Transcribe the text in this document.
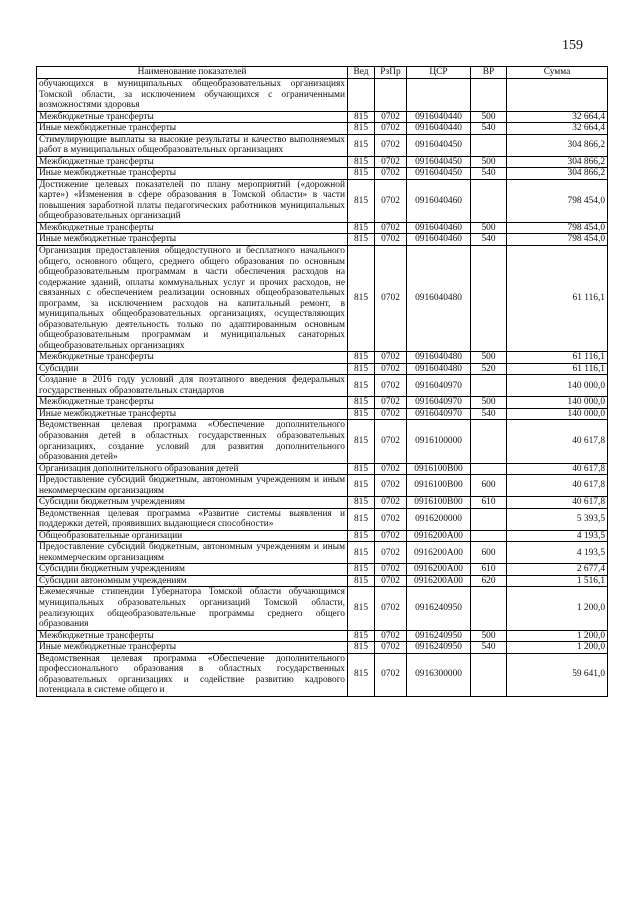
159
Наименование показателей	Вед	РзПр	ЦСР	ВР	Сумма
обучающихся в муниципальных общеобразовательных организациях Томской области, за исключением обучающихся с ограниченными возможностями здоровья					
Межбюджетные трансферты	815	0702	0916040440	500	32 664,4
Иные межбюджетные трансферты	815	0702	0916040440	540	32 664,4
Стимулирующие выплаты за высокие результаты и качество выполняемых работ в муниципальных общеобразовательных организациях	815	0702	0916040450		304 866,2
Межбюджетные трансферты	815	0702	0916040450	500	304 866,2
Иные межбюджетные трансферты	815	0702	0916040450	540	304 866,2
Достижение целевых показателей по плану мероприятий («дорожной карте») «Изменения в сфере образования в Томской области» в части повышения заработной платы педагогических работников муниципальных общеобразовательных организаций	815	0702	0916040460		798 454,0
Межбюджетные трансферты	815	0702	0916040460	500	798 454,0
Иные межбюджетные трансферты	815	0702	0916040460	540	798 454,0
Организация предоставления общедоступного и бесплатного начального общего, основного общего, среднего общего образования по основным общеобразовательным программам в части обеспечения расходов на содержание зданий, оплаты коммунальных услуг и прочих расходов, не связанных с обеспечением реализации основных общеобразовательных программ, за исключением расходов на капитальный ремонт, в муниципальных общеобразовательных организациях, осуществляющих образовательную деятельность только по адаптированным основным общеобразовательным программам и муниципальных санаторных общеобразовательных организациях	815	0702	0916040480		61 116,1
Межбюджетные трансферты	815	0702	0916040480	500	61 116,1
Субсидии	815	0702	0916040480	520	61 116,1
Создание в 2016 году условий для поэтапного введения федеральных государственных образовательных стандартов	815	0702	0916040970		140 000,0
Межбюджетные трансферты	815	0702	0916040970	500	140 000,0
Иные межбюджетные трансферты	815	0702	0916040970	540	140 000,0
Ведомственная целевая программа «Обеспечение дополнительного образования детей в областных государственных образовательных организациях, создание условий для развития дополнительного образования детей»	815	0702	0916100000		40 617,8
Организация дополнительного образования детей	815	0702	0916100В00		40 617,8
Предоставление субсидий бюджетным, автономным учреждениям и иным некоммерческим организациям	815	0702	0916100В00	600	40 617,8
Субсидии бюджетным учреждениям	815	0702	0916100В00	610	40 617,8
Ведомственная целевая программа «Развитие системы выявления и поддержки детей, проявивших выдающиеся способности»	815	0702	0916200000		5 393,5
Общеобразовательные организации	815	0702	0916200А00		4 193,5
Предоставление субсидий бюджетным, автономным учреждениям и иным некоммерческим организациям	815	0702	0916200А00	600	4 193,5
Субсидии бюджетным учреждениям	815	0702	0916200А00	610	2 677,4
Субсидии автономным учреждениям	815	0702	0916200А00	620	1 516,1
Ежемесячные стипендии Губернатора Томской области обучающимся муниципальных образовательных организаций Томской области, реализующих общеобразовательные программы среднего общего образования	815	0702	0916240950		1 200,0
Межбюджетные трансферты	815	0702	0916240950	500	1 200,0
Иные межбюджетные трансферты	815	0702	0916240950	540	1 200,0
Ведомственная целевая программа «Обеспечение дополнительного профессионального образования в областных государственных образовательных организациях и содействие развитию кадрового потенциала в системе общего и	815	0702	0916300000		59 641,0
